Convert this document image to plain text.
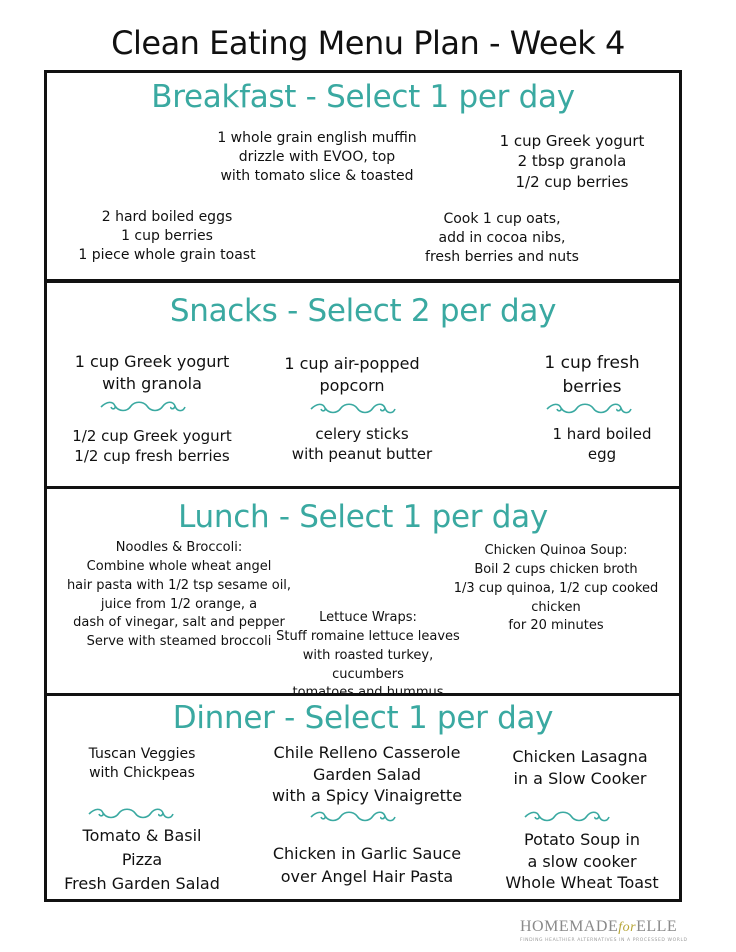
Clean Eating Menu Plan - Week 4
Breakfast - Select 1 per day
1 whole grain english muffin
drizzle with EVOO, top
with tomato slice & toasted
1 cup Greek yogurt
2 tbsp granola
1/2 cup berries
2 hard boiled eggs
1 cup berries
1 piece whole grain toast
Cook 1 cup oats,
add in cocoa nibs,
fresh berries and nuts
Snacks - Select 2 per day
1 cup Greek yogurt
with granola
1 cup air-popped
popcorn
1 cup fresh
berries
1/2 cup Greek yogurt
1/2 cup fresh berries
celery sticks
with peanut butter
1 hard boiled
egg
Lunch - Select 1 per day
Noodles & Broccoli:
Combine whole wheat angel
hair pasta with 1/2 tsp sesame oil,
juice from 1/2 orange, a
dash of vinegar, salt and pepper
Serve with steamed broccoli
Chicken Quinoa Soup:
Boil 2 cups chicken broth
1/3 cup quinoa, 1/2 cup cooked chicken
for 20 minutes
Lettuce Wraps:
Stuff romaine lettuce leaves
with roasted turkey, cucumbers

Dinner - Select 1 per day
Tuscan Veggies
with Chickpeas
Chile Relleno Casserole
Garden Salad
with a Spicy Vinaigrette
Chicken Lasagna
in a Slow Cooker
Tomato & Basil
Pizza
Fresh Garden Salad
Chicken in Garlic Sauce
over Angel Hair Pasta
Potato Soup in
a slow cooker
Whole Wheat Toast
HOMEMADEforELLE
FINDING HEALTHIER ALTERNATIVES IN A PROCESSED WORLD
